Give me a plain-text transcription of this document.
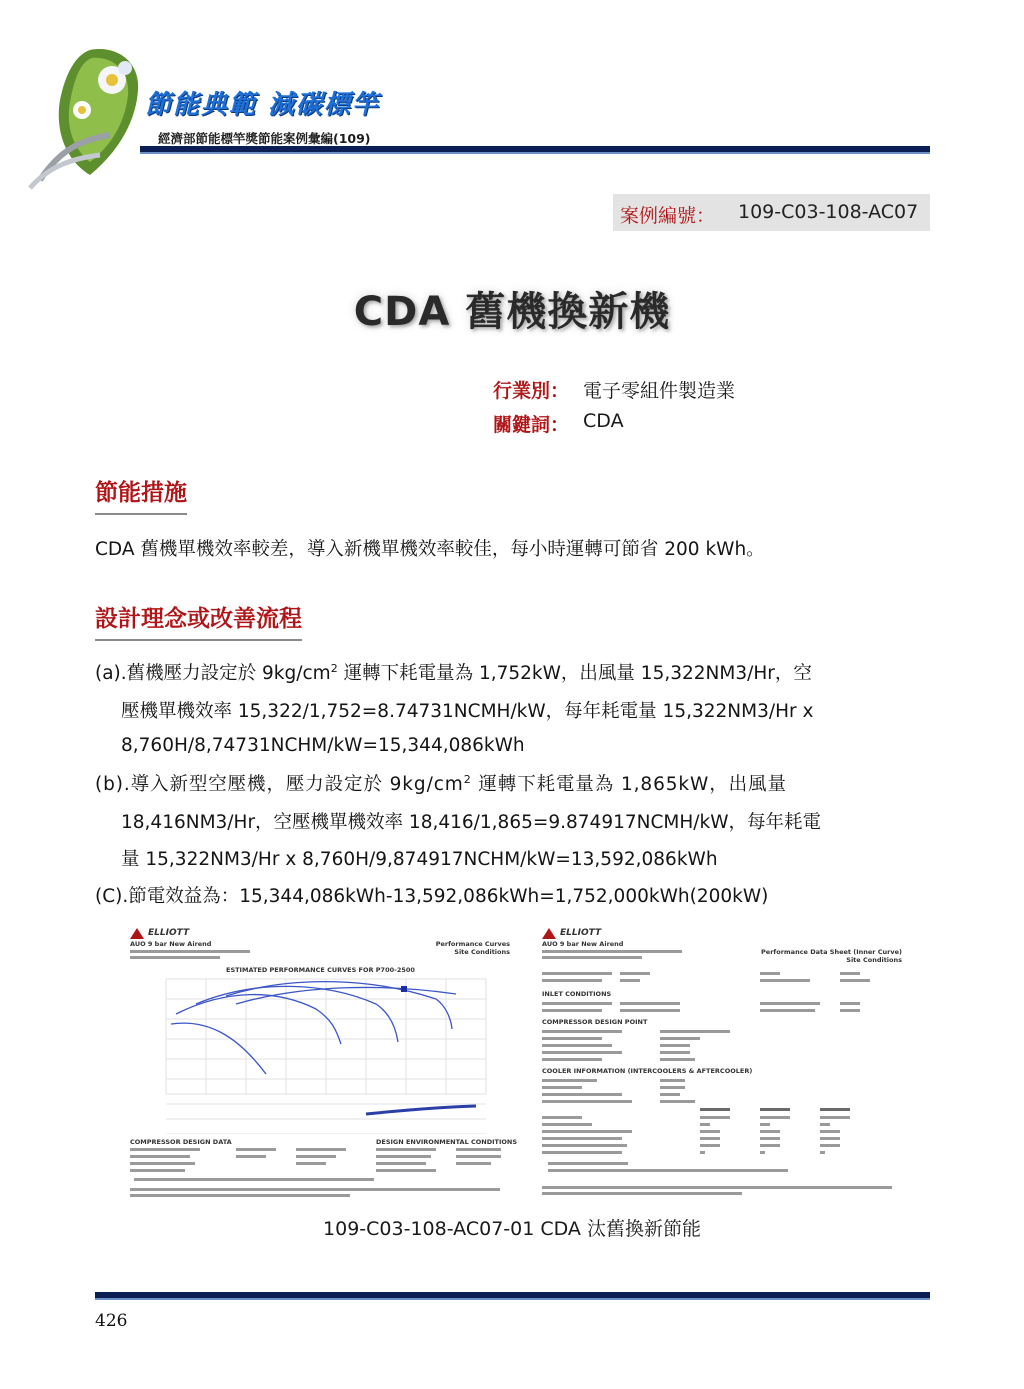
節能典範 減碳標竿
經濟部節能標竿獎節能案例彙編(109)
案例編號： 109-C03-108-AC07
CDA 舊機換新機
行業別： 電子零組件製造業
關鍵詞： CDA
節能措施
CDA 舊機單機效率較差，導入新機單機效率較佳，每小時運轉可節省 200 kWh。
設計理念或改善流程
(a).舊機壓力設定於 $9kg/cm^2$ 運轉下耗電量為 1,752kW，出風量 15,322NM3/Hr，空
壓機單機效率 15,322/1,752=8.74731NCMH/kW，每年耗電量 15,322NM3/Hr x
8,760H/8,74731NCHM/kW=15,344,086kWh
(b).導入新型空壓機，壓力設定於 $9kg/cm^2$ 運轉下耗電量為 1,865kW，出風量
18,416NM3/Hr，空壓機單機效率 18,416/1,865=9.874917NCMH/kW，每年耗電
量 15,322NM3/Hr x 8,760H/9,874917NCHM/kW=13,592,086kWh
(C).節電效益為：15,344,086kWh-13,592,086kWh=1,752,000kWh(200kW)
ELLIOTT
AUO 9 bar New Airend	Performance Curves
Site Conditions
ESTIMATED PERFORMANCE CURVES FOR P700-2500
COMPRESSOR DESIGN DATA	DESIGN ENVIRONMENTAL CONDITIONS
ELLIOTT
AUO 9 bar New Airend
Performance Data Sheet (Inner Curve)
Site Conditions
INLET CONDITIONS
COMPRESSOR DESIGN POINT
COOLER INFORMATION (INTERCOOLERS & AFTERCOOLER)
109-C03-108-AC07-01 CDA 汰舊換新節能
426
